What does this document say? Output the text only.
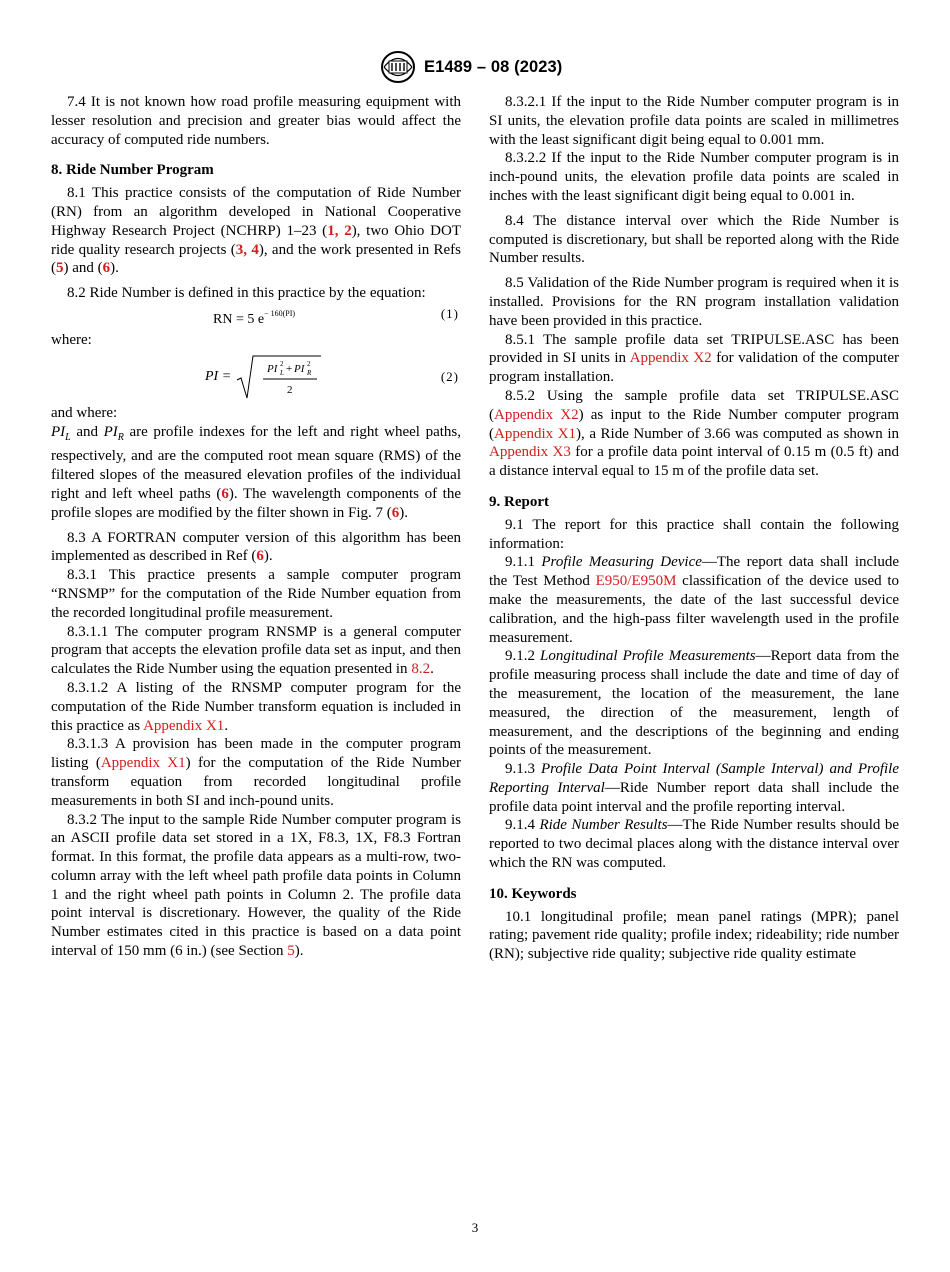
E1489 – 08 (2023)

7.4 It is not known how road profile measuring equipment with lesser resolution and precision and greater bias would affect the accuracy of computed ride numbers.

8. Ride Number Program

8.1 This practice consists of the computation of Ride Number (RN) from an algorithm developed in National Cooperative Highway Research Project (NCHRP) 1–23 (1, 2), two Ohio DOT ride quality research projects (3, 4), and the work presented in Refs (5) and (6).

8.2 Ride Number is defined in this practice by the equation:

RN = 5 $e^{- 160(PI)}$	(1)

where:

PI =
PI L
2 + PI R
2
2
(2)

and where:

$PI_L$ and $PI_R$ are profile indexes for the left and right wheel paths, respectively, and are the computed root mean square (RMS) of the filtered slopes of the measured elevation profiles of the individual right and left wheel paths (6). The wavelength components of the profile slopes are modified by the filter shown in Fig. 7 (6).

8.3 A FORTRAN computer version of this algorithm has been implemented as described in Ref (6).

8.3.1 This practice presents a sample computer program “RNSMP” for the computation of the Ride Number equation from the recorded longitudinal profile measurement.

8.3.1.1 The computer program RNSMP is a general computer program that accepts the elevation profile data set as input, and then calculates the Ride Number using the equation presented in 8.2.

8.3.1.2 A listing of the RNSMP computer program for the computation of the Ride Number transform equation is included in this practice as Appendix X1.

8.3.1.3 A provision has been made in the computer program listing (Appendix X1) for the computation of the Ride Number transform equation from recorded longitudinal profile measurements in both SI and inch-pound units.

8.3.2 The input to the sample Ride Number computer program is an ASCII profile data set stored in a 1X, F8.3, 1X, F8.3 Fortran format. In this format, the profile data appears as a multi-row, two-column array with the left wheel path profile data points in Column 1 and the right wheel path points in Column 2. The profile data point interval is discretionary. However, the quality of the Ride Number estimates cited in this practice is based on a data point interval of 150 mm (6 in.) (see Section 5).

8.3.2.1 If the input to the Ride Number computer program is in SI units, the elevation profile data points are scaled in millimetres with the least significant digit being equal to 0.001 mm.

8.3.2.2 If the input to the Ride Number computer program is in inch-pound units, the elevation profile data points are scaled in inches with the least significant digit being equal to 0.001 in.

8.4 The distance interval over which the Ride Number is computed is discretionary, but shall be reported along with the Ride Number results.

8.5 Validation of the Ride Number program is required when it is installed. Provisions for the RN program installation validation have been provided in this practice.

8.5.1 The sample profile data set TRIPULSE.ASC has been provided in SI units in Appendix X2 for validation of the computer program installation.

8.5.2 Using the sample profile data set TRIPULSE.ASC (Appendix X2) as input to the Ride Number computer program (Appendix X1), a Ride Number of 3.66 was computed as shown in Appendix X3 for a profile data point interval of 0.15 m (0.5 ft) and a distance interval equal to 15 m of the profile data set.

9. Report

9.1 The report for this practice shall contain the following information:

9.1.1 Profile Measuring Device—The report data shall include the Test Method E950/E950M classification of the device used to make the measurements, the date of the last successful device calibration, and the high-pass filter wavelength used in the profile measurement.

9.1.2 Longitudinal Profile Measurements—Report data from the profile measuring process shall include the date and time of day of the measurement, the location of the measurement, the lane measured, the direction of the measurement, length of measurement, and the descriptions of the beginning and ending points of the measurement.

9.1.3 Profile Data Point Interval (Sample Interval) and Profile Reporting Interval—Ride Number report data shall include the profile data point interval and the profile reporting interval.

9.1.4 Ride Number Results—The Ride Number results should be reported to two decimal places along with the distance interval over which the RN was computed.

10. Keywords

10.1 longitudinal profile; mean panel ratings (MPR); panel rating; pavement ride quality; profile index; rideability; ride number (RN); subjective ride quality; subjective ride quality estimate

3
